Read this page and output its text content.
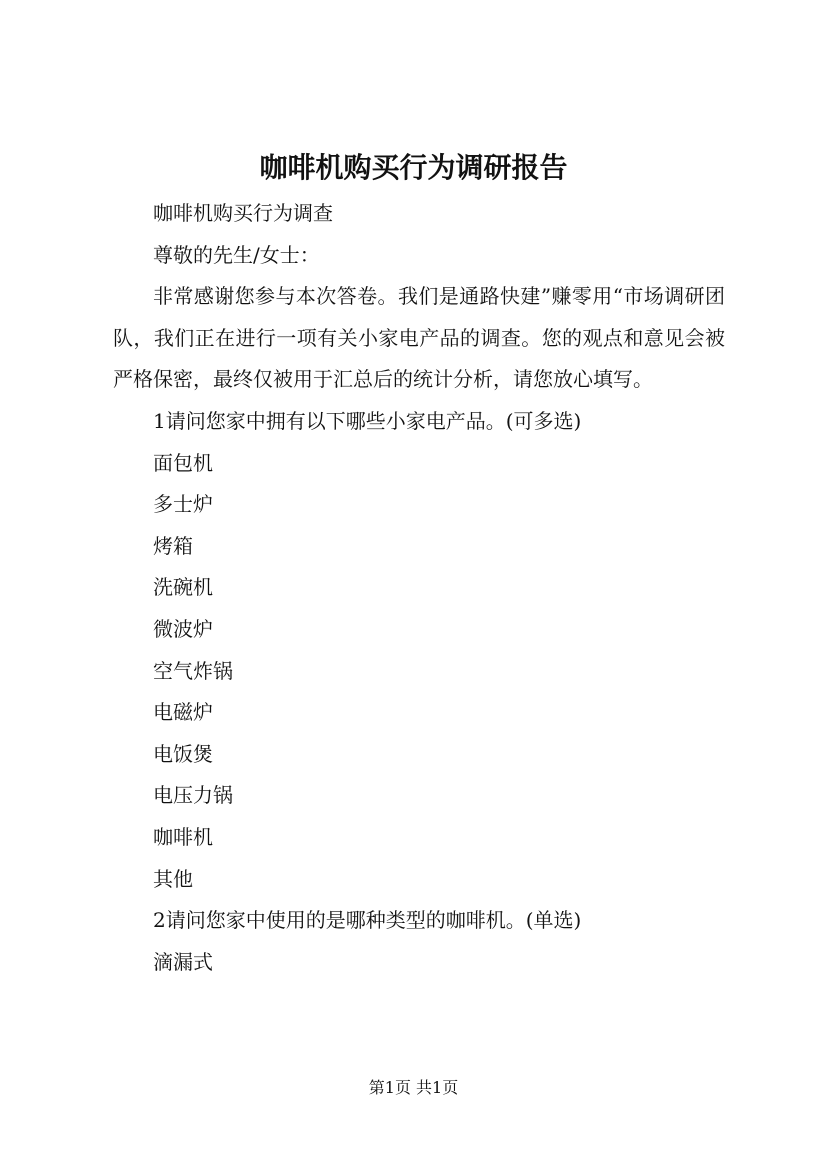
咖啡机购买行为调研报告

咖啡机购买行为调查

尊敬的先生/女士：

非常感谢您参与本次答卷。我们是通路快建”赚零用“市场调研团队，我们正在进行一项有关小家电产品的调查。您的观点和意见会被严格保密，最终仅被用于汇总后的统计分析，请您放心填写。

1请问您家中拥有以下哪些小家电产品。(可多选)

面包机

多士炉

烤箱

洗碗机

微波炉

空气炸锅

电磁炉

电饭煲

电压力锅

咖啡机

其他

2请问您家中使用的是哪种类型的咖啡机。(单选)

滴漏式

第1页 共1页
